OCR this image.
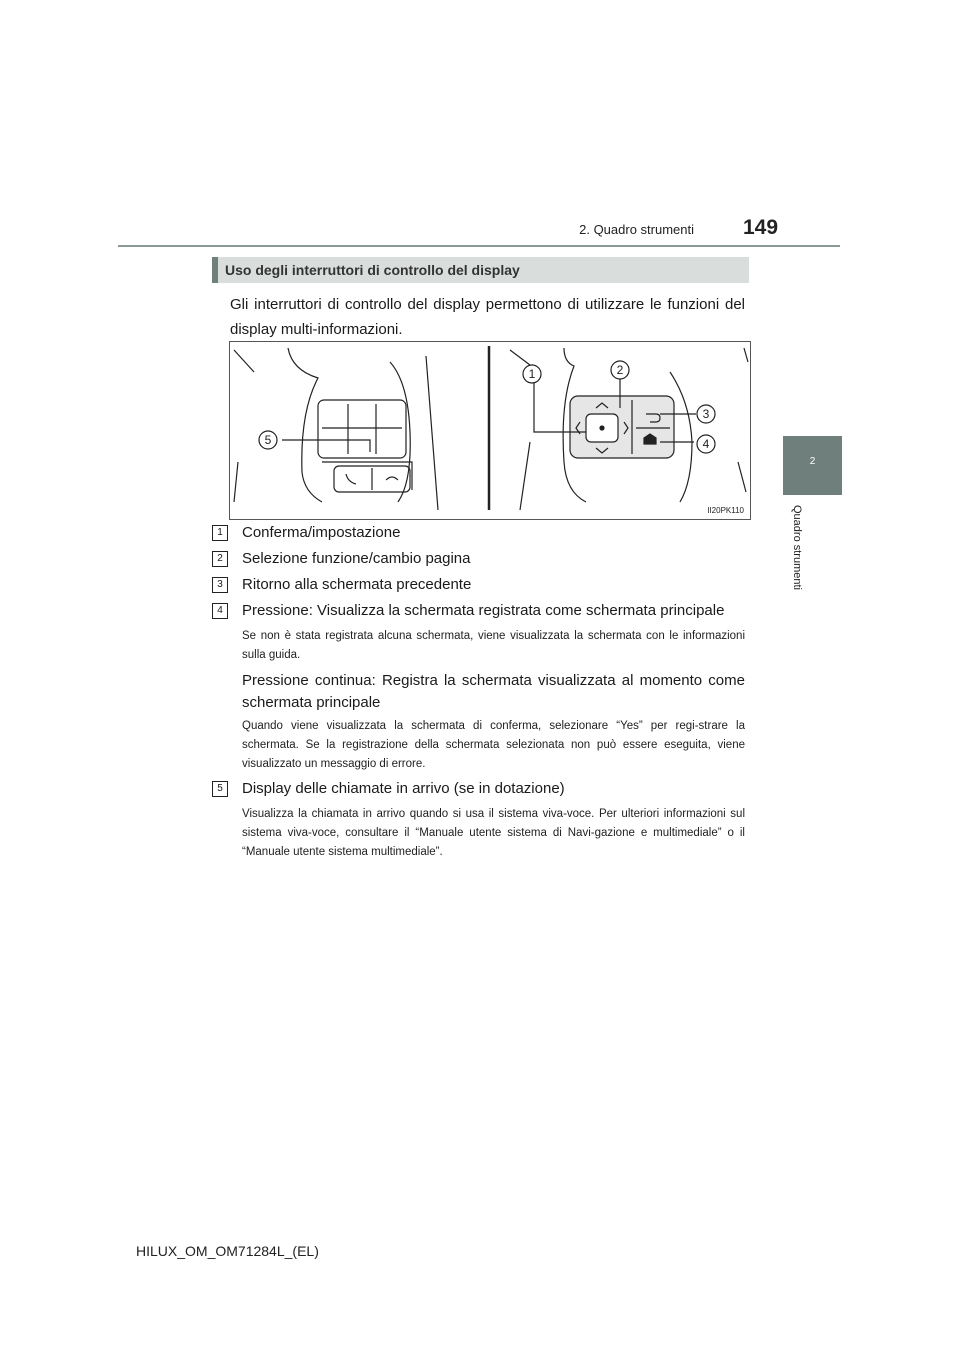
2. Quadro strumenti 149
2
Quadro strumenti
Uso degli interruttori di controllo del display
Gli interruttori di controllo del display permettono di utilizzare le funzioni del display multi-informazioni.
1	2
3
4
5
II20PK110
1	Conferma/impostazione
2	Selezione funzione/cambio pagina
3	Ritorno alla schermata precedente
4	Pressione: Visualizza la schermata registrata come schermata principale
Se non è stata registrata alcuna schermata, viene visualizzata la schermata con le informazioni sulla guida.
Pressione continua: Registra la schermata visualizzata al momento come schermata principale
Quando viene visualizzata la schermata di conferma, selezionare “Yes” per regi-strare la schermata. Se la registrazione della schermata selezionata non può essere eseguita, viene visualizzato un messaggio di errore.
5	Display delle chiamate in arrivo (se in dotazione)
Visualizza la chiamata in arrivo quando si usa il sistema viva-voce. Per ulteriori informazioni sul sistema viva-voce, consultare il “Manuale utente sistema di Navi-gazione e multimediale” o il “Manuale utente sistema multimediale”.
HILUX_OM_OM71284L_(EL)
